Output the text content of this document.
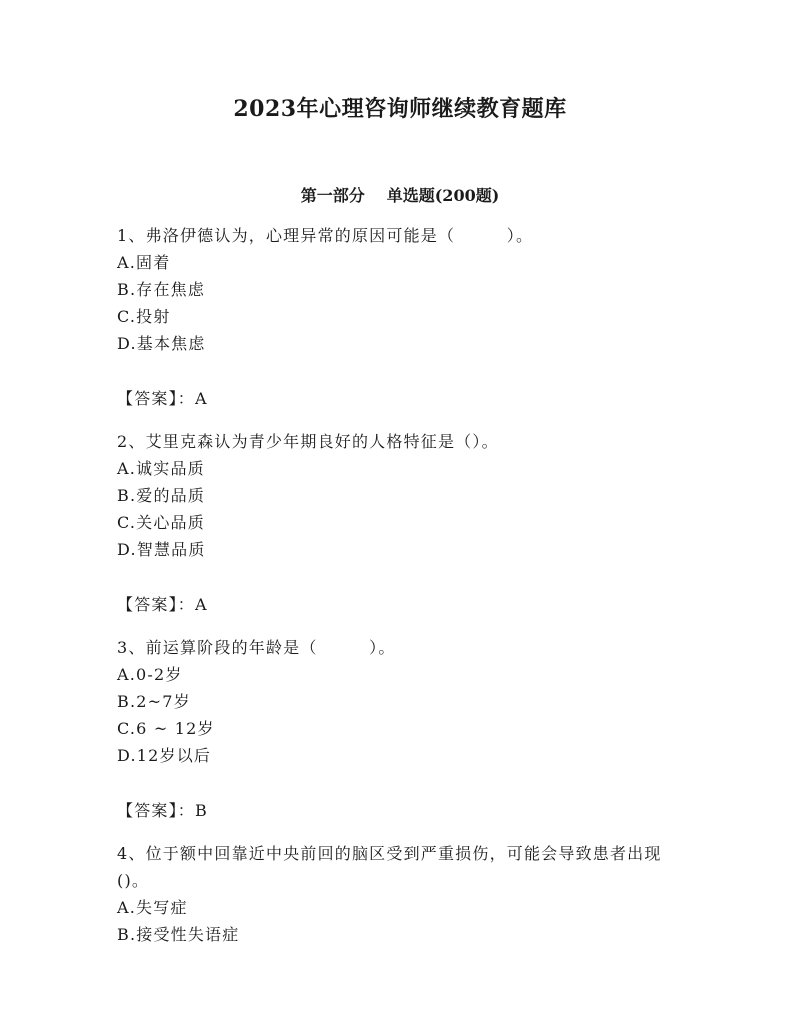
2023年心理咨询师继续教育题库
第一部分 单选题(200题)

1、弗洛伊德认为，心理异常的原因可能是（　　　）。

A.固着

B.存在焦虑

C.投射

D.基本焦虑

【答案】：A

2、艾里克森认为青少年期良好的人格特征是（）。

A.诚实品质

B.爱的品质

C.关心品质

D.智慧品质

【答案】：A

3、前运算阶段的年龄是（　　　）。

A.0-2岁

B.2~7岁

C.6 ~ 12岁

D.12岁以后

【答案】：B

4、位于额中回靠近中央前回的脑区受到严重损伤，可能会导致患者出现()。

A.失写症

B.接受性失语症
